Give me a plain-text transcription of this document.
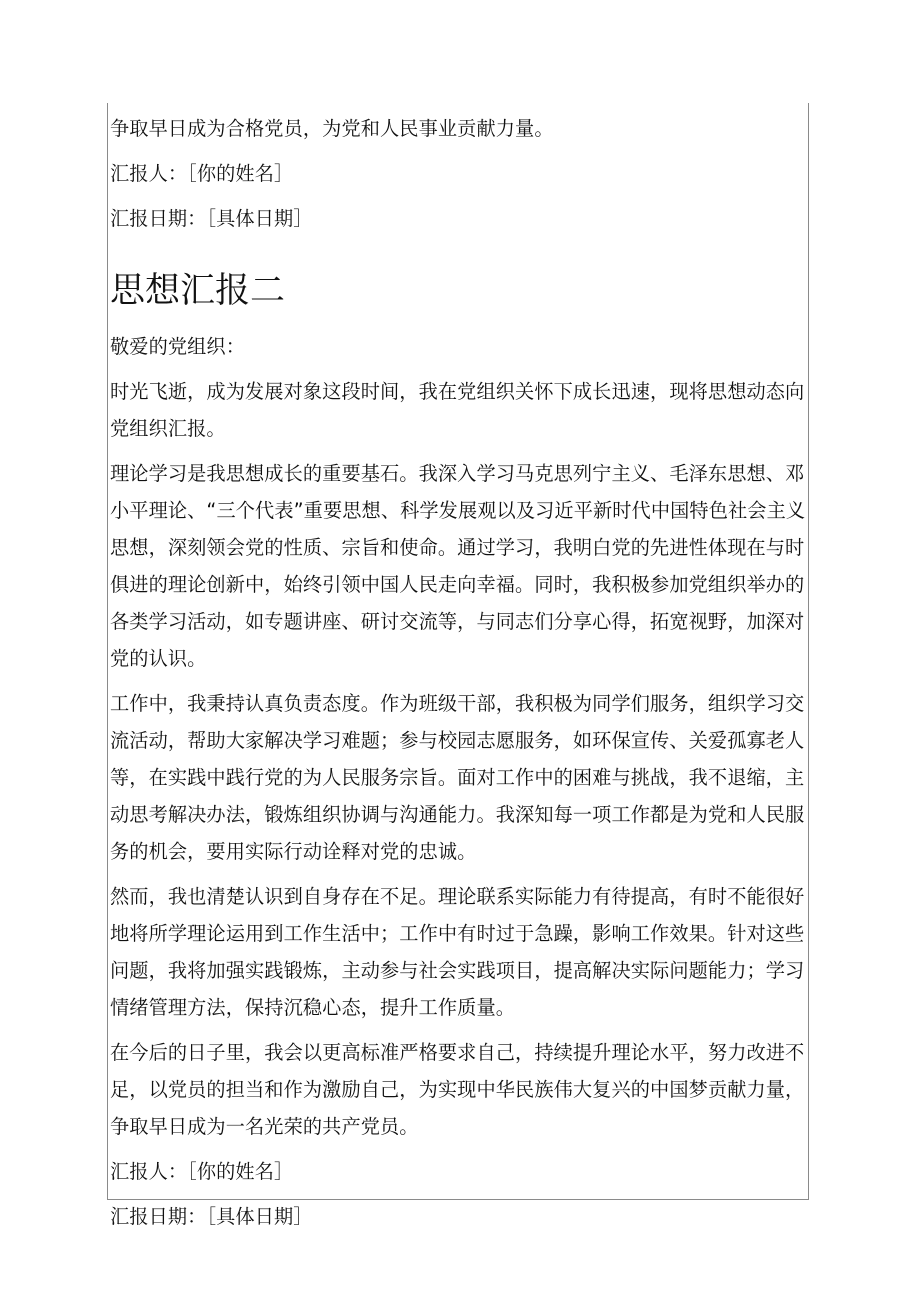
争取早日成为合格党员，为党和人民事业贡献力量。

汇报人：［你的姓名］

汇报日期：［具体日期］

思想汇报二

敬爱的党组织：

时光飞逝，成为发展对象这段时间，我在党组织关怀下成长迅速，现将思想动态向党组织汇报。

理论学习是我思想成长的重要基石。我深入学习马克思列宁主义、毛泽东思想、邓小平理论、“三个代表”重要思想、科学发展观以及习近平新时代中国特色社会主义思想，深刻领会党的性质、宗旨和使命。通过学习，我明白党的先进性体现在与时俱进的理论创新中，始终引领中国人民走向幸福。同时，我积极参加党组织举办的各类学习活动，如专题讲座、研讨交流等，与同志们分享心得，拓宽视野，加深对党的认识。

工作中，我秉持认真负责态度。作为班级干部，我积极为同学们服务，组织学习交流活动，帮助大家解决学习难题；参与校园志愿服务，如环保宣传、关爱孤寡老人等，在实践中践行党的为人民服务宗旨。面对工作中的困难与挑战，我不退缩，主动思考解决办法，锻炼组织协调与沟通能力。我深知每一项工作都是为党和人民服务的机会，要用实际行动诠释对党的忠诚。

然而，我也清楚认识到自身存在不足。理论联系实际能力有待提高，有时不能很好地将所学理论运用到工作生活中；工作中有时过于急躁，影响工作效果。针对这些问题，我将加强实践锻炼，主动参与社会实践项目，提高解决实际问题能力；学习情绪管理方法，保持沉稳心态，提升工作质量。

在今后的日子里，我会以更高标准严格要求自己，持续提升理论水平，努力改进不足，以党员的担当和作为激励自己，为实现中华民族伟大复兴的中国梦贡献力量，争取早日成为一名光荣的共产党员。

汇报人：［你的姓名］

汇报日期：［具体日期］
